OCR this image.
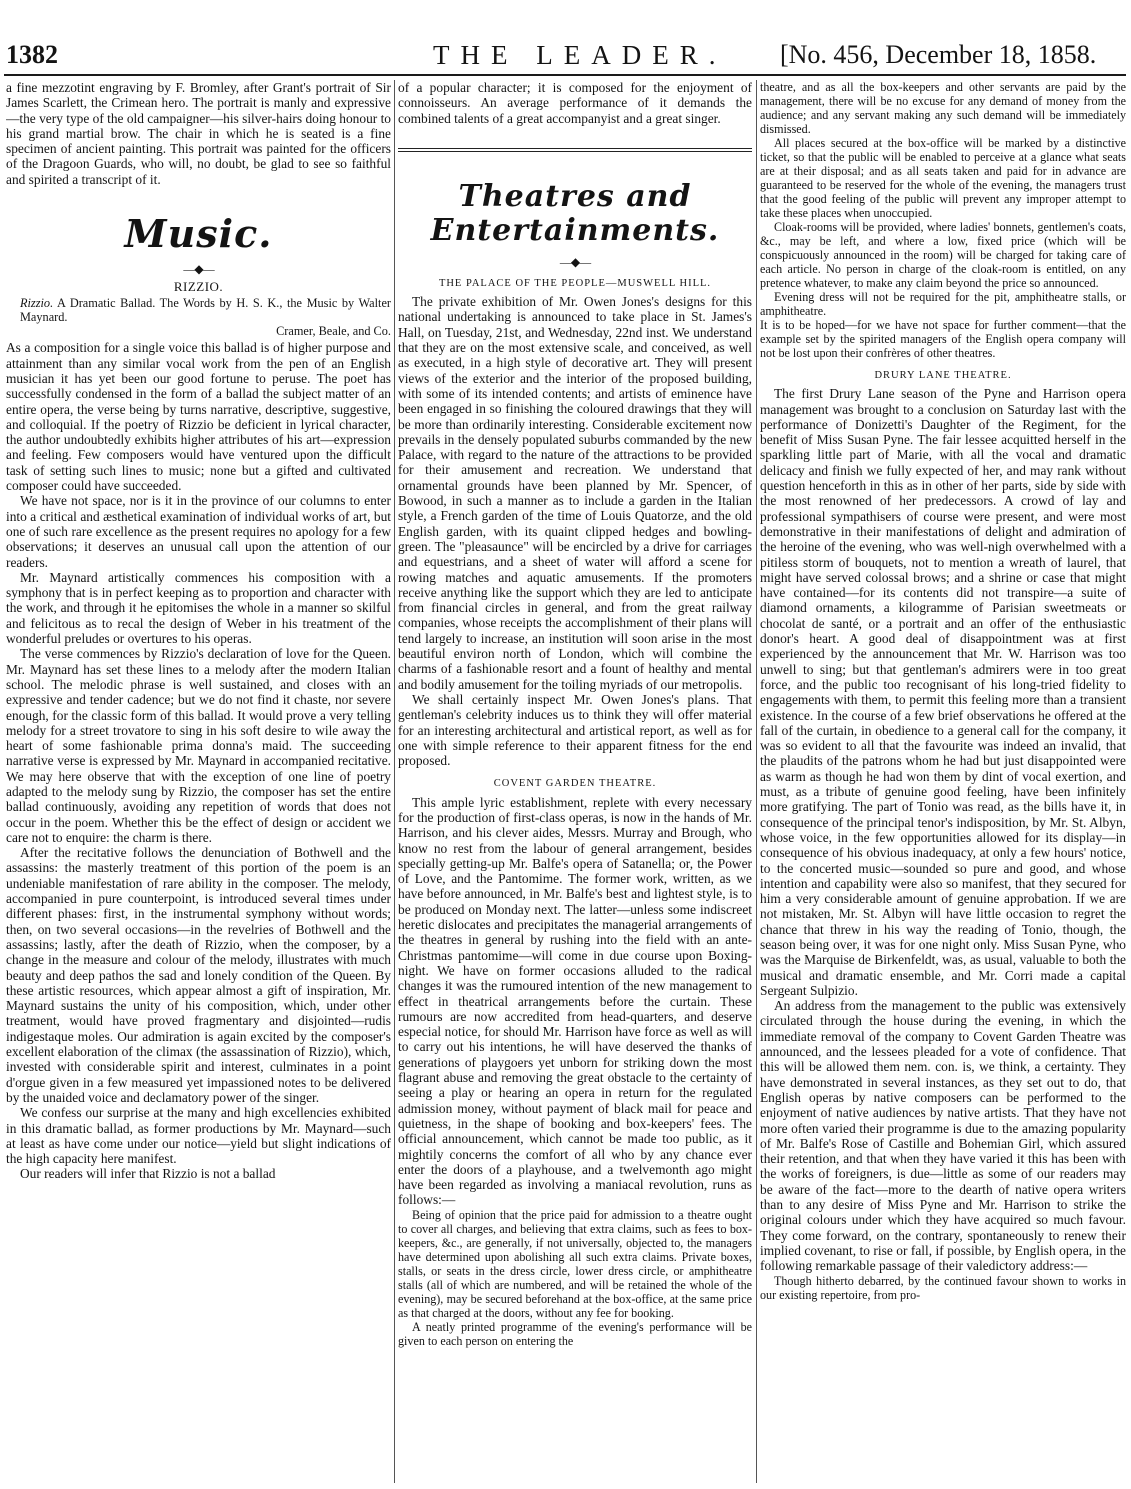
1382	THE LEADER. [No. 456, December 18, 1858.

a fine mezzotint engraving by F. Bromley, after Grant's portrait of Sir James Scarlett, the Crimean hero. The portrait is manly and expressive—the very type of the old campaigner—his silver-hairs doing honour to his grand martial brow. The chair in which he is seated is a fine specimen of ancient painting. This portrait was painted for the officers of the Dragoon Guards, who will, no doubt, be glad to see so faithful and spirited a transcript of it.

Music.
—◆—

RIZZIO.

Rizzio. A Dramatic Ballad. The Words by H. S. K., the Music by Walter Maynard.

Cramer, Beale, and Co.

As a composition for a single voice this ballad is of higher purpose and attainment than any similar vocal work from the pen of an English musician it has yet been our good fortune to peruse. The poet has successfully condensed in the form of a ballad the subject matter of an entire opera, the verse being by turns narrative, descriptive, suggestive, and colloquial. If the poetry of Rizzio be deficient in lyrical character, the author undoubtedly exhibits higher attributes of his art—expression and feeling. Few composers would have ventured upon the difficult task of setting such lines to music; none but a gifted and cultivated composer could have succeeded.

We have not space, nor is it in the province of our columns to enter into a critical and æsthetical examination of individual works of art, but one of such rare excellence as the present requires no apology for a few observations; it deserves an unusual call upon the attention of our readers.

Mr. Maynard artistically commences his composition with a symphony that is in perfect keeping as to proportion and character with the work, and through it he epitomises the whole in a manner so skilful and felicitous as to recal the design of Weber in his treatment of the wonderful preludes or overtures to his operas.

The verse commences by Rizzio's declaration of love for the Queen. Mr. Maynard has set these lines to a melody after the modern Italian school. The melodic phrase is well sustained, and closes with an expressive and tender cadence; but we do not find it chaste, nor severe enough, for the classic form of this ballad. It would prove a very telling melody for a street trovatore to sing in his soft desire to wile away the heart of some fashionable prima donna's maid. The succeeding narrative verse is expressed by Mr. Maynard in accompanied recitative. We may here observe that with the exception of one line of poetry adapted to the melody sung by Rizzio, the composer has set the entire ballad continuously, avoiding any repetition of words that does not occur in the poem. Whether this be the effect of design or accident we care not to enquire: the charm is there.

After the recitative follows the denunciation of Bothwell and the assassins: the masterly treatment of this portion of the poem is an undeniable manifestation of rare ability in the composer. The melody, accompanied in pure counterpoint, is introduced several times under different phases: first, in the instrumental symphony without words; then, on two several occasions—in the revelries of Bothwell and the assassins; lastly, after the death of Rizzio, when the composer, by a change in the measure and colour of the melody, illustrates with much beauty and deep pathos the sad and lonely condition of the Queen. By these artistic resources, which appear almost a gift of inspiration, Mr. Maynard sustains the unity of his composition, which, under other treatment, would have proved fragmentary and disjointed—rudis indigestaque moles. Our admiration is again excited by the composer's excellent elaboration of the climax (the assassination of Rizzio), which, invested with considerable spirit and interest, culminates in a point d'orgue given in a few measured yet impassioned notes to be delivered by the unaided voice and declamatory power of the singer.

We confess our surprise at the many and high excellencies exhibited in this dramatic ballad, as former productions by Mr. Maynard—such at least as have come under our notice—yield but slight indications of the high capacity here manifest.

Our readers will infer that Rizzio is not a ballad

of a popular character; it is composed for the enjoyment of connoisseurs. An average performance of it demands the combined talents of a great accompanyist and a great singer.

Theatres and Entertainments.
—◆—

THE PALACE OF THE PEOPLE—MUSWELL HILL.

The private exhibition of Mr. Owen Jones's designs for this national undertaking is announced to take place in St. James's Hall, on Tuesday, 21st, and Wednesday, 22nd inst. We understand that they are on the most extensive scale, and conceived, as well as executed, in a high style of decorative art. They will present views of the exterior and the interior of the proposed building, with some of its intended contents; and artists of eminence have been engaged in so finishing the coloured drawings that they will be more than ordinarily interesting. Considerable excitement now prevails in the densely populated suburbs commanded by the new Palace, with regard to the nature of the attractions to be provided for their amusement and recreation. We understand that ornamental grounds have been planned by Mr. Spencer, of Bowood, in such a manner as to include a garden in the Italian style, a French garden of the time of Louis Quatorze, and the old English garden, with its quaint clipped hedges and bowling-green. The "pleasaunce" will be encircled by a drive for carriages and equestrians, and a sheet of water will afford a scene for rowing matches and aquatic amusements. If the promoters receive anything like the support which they are led to anticipate from financial circles in general, and from the great railway companies, whose receipts the accomplishment of their plans will tend largely to increase, an institution will soon arise in the most beautiful environ north of London, which will combine the charms of a fashionable resort and a fount of healthy and mental and bodily amusement for the toiling myriads of our metropolis.

We shall certainly inspect Mr. Owen Jones's plans. That gentleman's celebrity induces us to think they will offer material for an interesting architectural and artistical report, as well as for one with simple reference to their apparent fitness for the end proposed.

COVENT GARDEN THEATRE.

This ample lyric establishment, replete with every necessary for the production of first-class operas, is now in the hands of Mr. Harrison, and his clever aides, Messrs. Murray and Brough, who know no rest from the labour of general arrangement, besides specially getting-up Mr. Balfe's opera of Satanella; or, the Power of Love, and the Pantomime. The former work, written, as we have before announced, in Mr. Balfe's best and lightest style, is to be produced on Monday next. The latter—unless some indiscreet heretic dislocates and precipitates the managerial arrangements of the theatres in general by rushing into the field with an ante-Christmas pantomime—will come in due course upon Boxing-night. We have on former occasions alluded to the radical changes it was the rumoured intention of the new management to effect in theatrical arrangements before the curtain. These rumours are now accredited from head-quarters, and deserve especial notice, for should Mr. Harrison have force as well as will to carry out his intentions, he will have deserved the thanks of generations of playgoers yet unborn for striking down the most flagrant abuse and removing the great obstacle to the certainty of seeing a play or hearing an opera in return for the regulated admission money, without payment of black mail for peace and quietness, in the shape of booking and box-keepers' fees. The official announcement, which cannot be made too public, as it mightily concerns the comfort of all who by any chance ever enter the doors of a playhouse, and a twelvemonth ago might have been regarded as involving a maniacal revolution, runs as follows:—

Being of opinion that the price paid for admission to a theatre ought to cover all charges, and believing that extra claims, such as fees to box-keepers, &c., are generally, if not universally, objected to, the managers have determined upon abolishing all such extra claims. Private boxes, stalls, or seats in the dress circle, lower dress circle, or amphitheatre stalls (all of which are numbered, and will be retained the whole of the evening), may be secured beforehand at the box-office, at the same price as that charged at the doors, without any fee for booking.

A neatly printed programme of the evening's performance will be given to each person on entering the

theatre, and as all the box-keepers and other servants are paid by the management, there will be no excuse for any demand of money from the audience; and any servant making any such demand will be immediately dismissed.

All places secured at the box-office will be marked by a distinctive ticket, so that the public will be enabled to perceive at a glance what seats are at their disposal; and as all seats taken and paid for in advance are guaranteed to be reserved for the whole of the evening, the managers trust that the good feeling of the public will prevent any improper attempt to take these places when unoccupied.

Cloak-rooms will be provided, where ladies' bonnets, gentlemen's coats, &c., may be left, and where a low, fixed price (which will be conspicuously announced in the room) will be charged for taking care of each article. No person in charge of the cloak-room is entitled, on any pretence whatever, to make any claim beyond the price so announced.

Evening dress will not be required for the pit, amphitheatre stalls, or amphitheatre.

It is to be hoped—for we have not space for further comment—that the example set by the spirited managers of the English opera company will not be lost upon their confrères of other theatres.

DRURY LANE THEATRE.

The first Drury Lane season of the Pyne and Harrison opera management was brought to a conclusion on Saturday last with the performance of Donizetti's Daughter of the Regiment, for the benefit of Miss Susan Pyne. The fair lessee acquitted herself in the sparkling little part of Marie, with all the vocal and dramatic delicacy and finish we fully expected of her, and may rank without question henceforth in this as in other of her parts, side by side with the most renowned of her predecessors. A crowd of lay and professional sympathisers of course were present, and were most demonstrative in their manifestations of delight and admiration of the heroine of the evening, who was well-nigh overwhelmed with a pitiless storm of bouquets, not to mention a wreath of laurel, that might have served colossal brows; and a shrine or case that might have contained—for its contents did not transpire—a suite of diamond ornaments, a kilogramme of Parisian sweetmeats or chocolat de santé, or a portrait and an offer of the enthusiastic donor's heart. A good deal of disappointment was at first experienced by the announcement that Mr. W. Harrison was too unwell to sing; but that gentleman's admirers were in too great force, and the public too recognisant of his long-tried fidelity to engagements with them, to permit this feeling more than a transient existence. In the course of a few brief observations he offered at the fall of the curtain, in obedience to a general call for the company, it was so evident to all that the favourite was indeed an invalid, that the plaudits of the patrons whom he had but just disappointed were as warm as though he had won them by dint of vocal exertion, and must, as a tribute of genuine good feeling, have been infinitely more gratifying. The part of Tonio was read, as the bills have it, in consequence of the principal tenor's indisposition, by Mr. St. Albyn, whose voice, in the few opportunities allowed for its display—in consequence of his obvious inadequacy, at only a few hours' notice, to the concerted music—sounded so pure and good, and whose intention and capability were also so manifest, that they secured for him a very considerable amount of genuine approbation. If we are not mistaken, Mr. St. Albyn will have little occasion to regret the chance that threw in his way the reading of Tonio, though, the season being over, it was for one night only. Miss Susan Pyne, who was the Marquise de Birkenfeldt, was, as usual, valuable to both the musical and dramatic ensemble, and Mr. Corri made a capital Sergeant Sulpizio.

An address from the management to the public was extensively circulated through the house during the evening, in which the immediate removal of the company to Covent Garden Theatre was announced, and the lessees pleaded for a vote of confidence. That this will be allowed them nem. con. is, we think, a certainty. They have demonstrated in several instances, as they set out to do, that English operas by native composers can be performed to the enjoyment of native audiences by native artists. That they have not more often varied their programme is due to the amazing popularity of Mr. Balfe's Rose of Castille and Bohemian Girl, which assured their retention, and that when they have varied it this has been with the works of foreigners, is due—little as some of our readers may be aware of the fact—more to the dearth of native opera writers than to any desire of Miss Pyne and Mr. Harrison to strike the original colours under which they have acquired so much favour. They come forward, on the contrary, spontaneously to renew their implied covenant, to rise or fall, if possible, by English opera, in the following remarkable passage of their valedictory address:—

Though hitherto debarred, by the continued favour shown to works in our existing repertoire, from pro-
